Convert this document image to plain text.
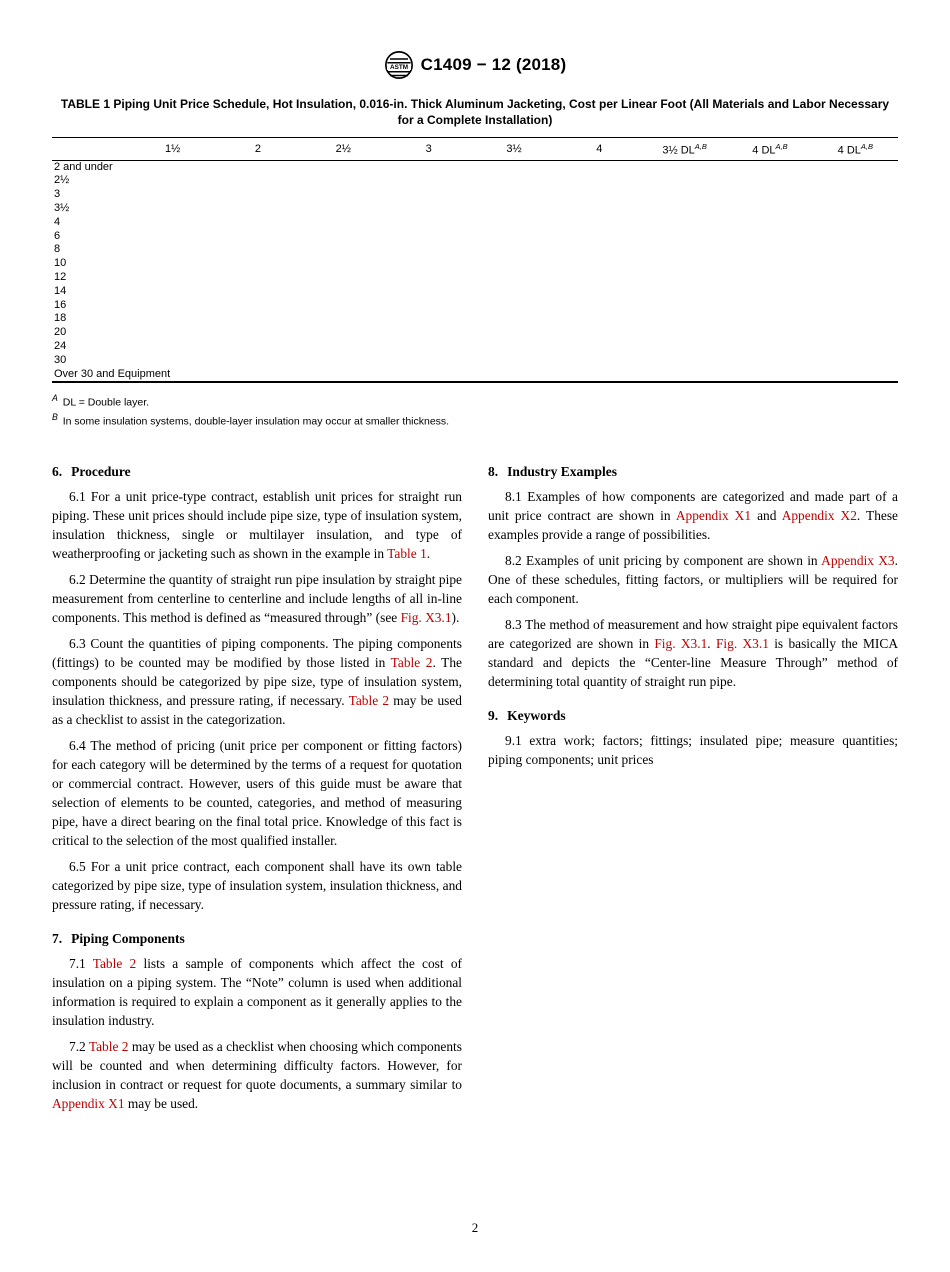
ASTM C1409 − 12 (2018)
TABLE 1 Piping Unit Price Schedule, Hot Insulation, 0.016-in. Thick Aluminum Jacketing, Cost per Linear Foot (All Materials and Labor Necessary for a Complete Installation)
	1½	2	2½	3	3½	4	3½ $DL^{A,B}$	4 $DL^{A,B}$	4 $DL^{A,B}$
2 and under									
2½									
3									
3½									
4									
6									
8									
10									
12									
14									
16									
18									
20									
24									
30									
Over 30 and Equipment									
$^A$ DL = Double layer.
$^B$ In some insulation systems, double-layer insulation may occur at smaller thickness.
6. Procedure

6.1 For a unit price-type contract, establish unit prices for straight run piping. These unit prices should include pipe size, type of insulation system, insulation thickness, single or multilayer insulation, and type of weatherproofing or jacketing such as shown in the example in Table 1.

6.2 Determine the quantity of straight run pipe insulation by straight pipe measurement from centerline to centerline and include lengths of all in-line components. This method is defined as “measured through” (see Fig. X3.1).

6.3 Count the quantities of piping components. The piping components (fittings) to be counted may be modified by those listed in Table 2. The components should be categorized by pipe size, type of insulation system, insulation thickness, and pressure rating, if necessary. Table 2 may be used as a checklist to assist in the categorization.

6.4 The method of pricing (unit price per component or fitting factors) for each category will be determined by the terms of a request for quotation or commercial contract. However, users of this guide must be aware that selection of elements to be counted, categories, and method of measuring pipe, have a direct bearing on the final total price. Knowledge of this fact is critical to the selection of the most qualified installer.

6.5 For a unit price contract, each component shall have its own table categorized by pipe size, type of insulation system, insulation thickness, and pressure rating, if necessary.

7. Piping Components

7.1 Table 2 lists a sample of components which affect the cost of insulation on a piping system. The “Note” column is used when additional information is required to explain a component as it generally applies to the insulation industry.

7.2 Table 2 may be used as a checklist when choosing which components will be counted and when determining difficulty factors. However, for inclusion in contract or request for quote documents, a summary similar to Appendix X1 may be used.

8. Industry Examples

8.1 Examples of how components are categorized and made part of a unit price contract are shown in Appendix X1 and Appendix X2. These examples provide a range of possibilities.

8.2 Examples of unit pricing by component are shown in Appendix X3. One of these schedules, fitting factors, or multipliers will be required for each component.

8.3 The method of measurement and how straight pipe equivalent factors are categorized are shown in Fig. X3.1. Fig. X3.1 is basically the MICA standard and depicts the “Center-line Measure Through” method of determining total quantity of straight run pipe.

9. Keywords

9.1 extra work; factors; fittings; insulated pipe; measure quantities; piping components; unit prices

2
